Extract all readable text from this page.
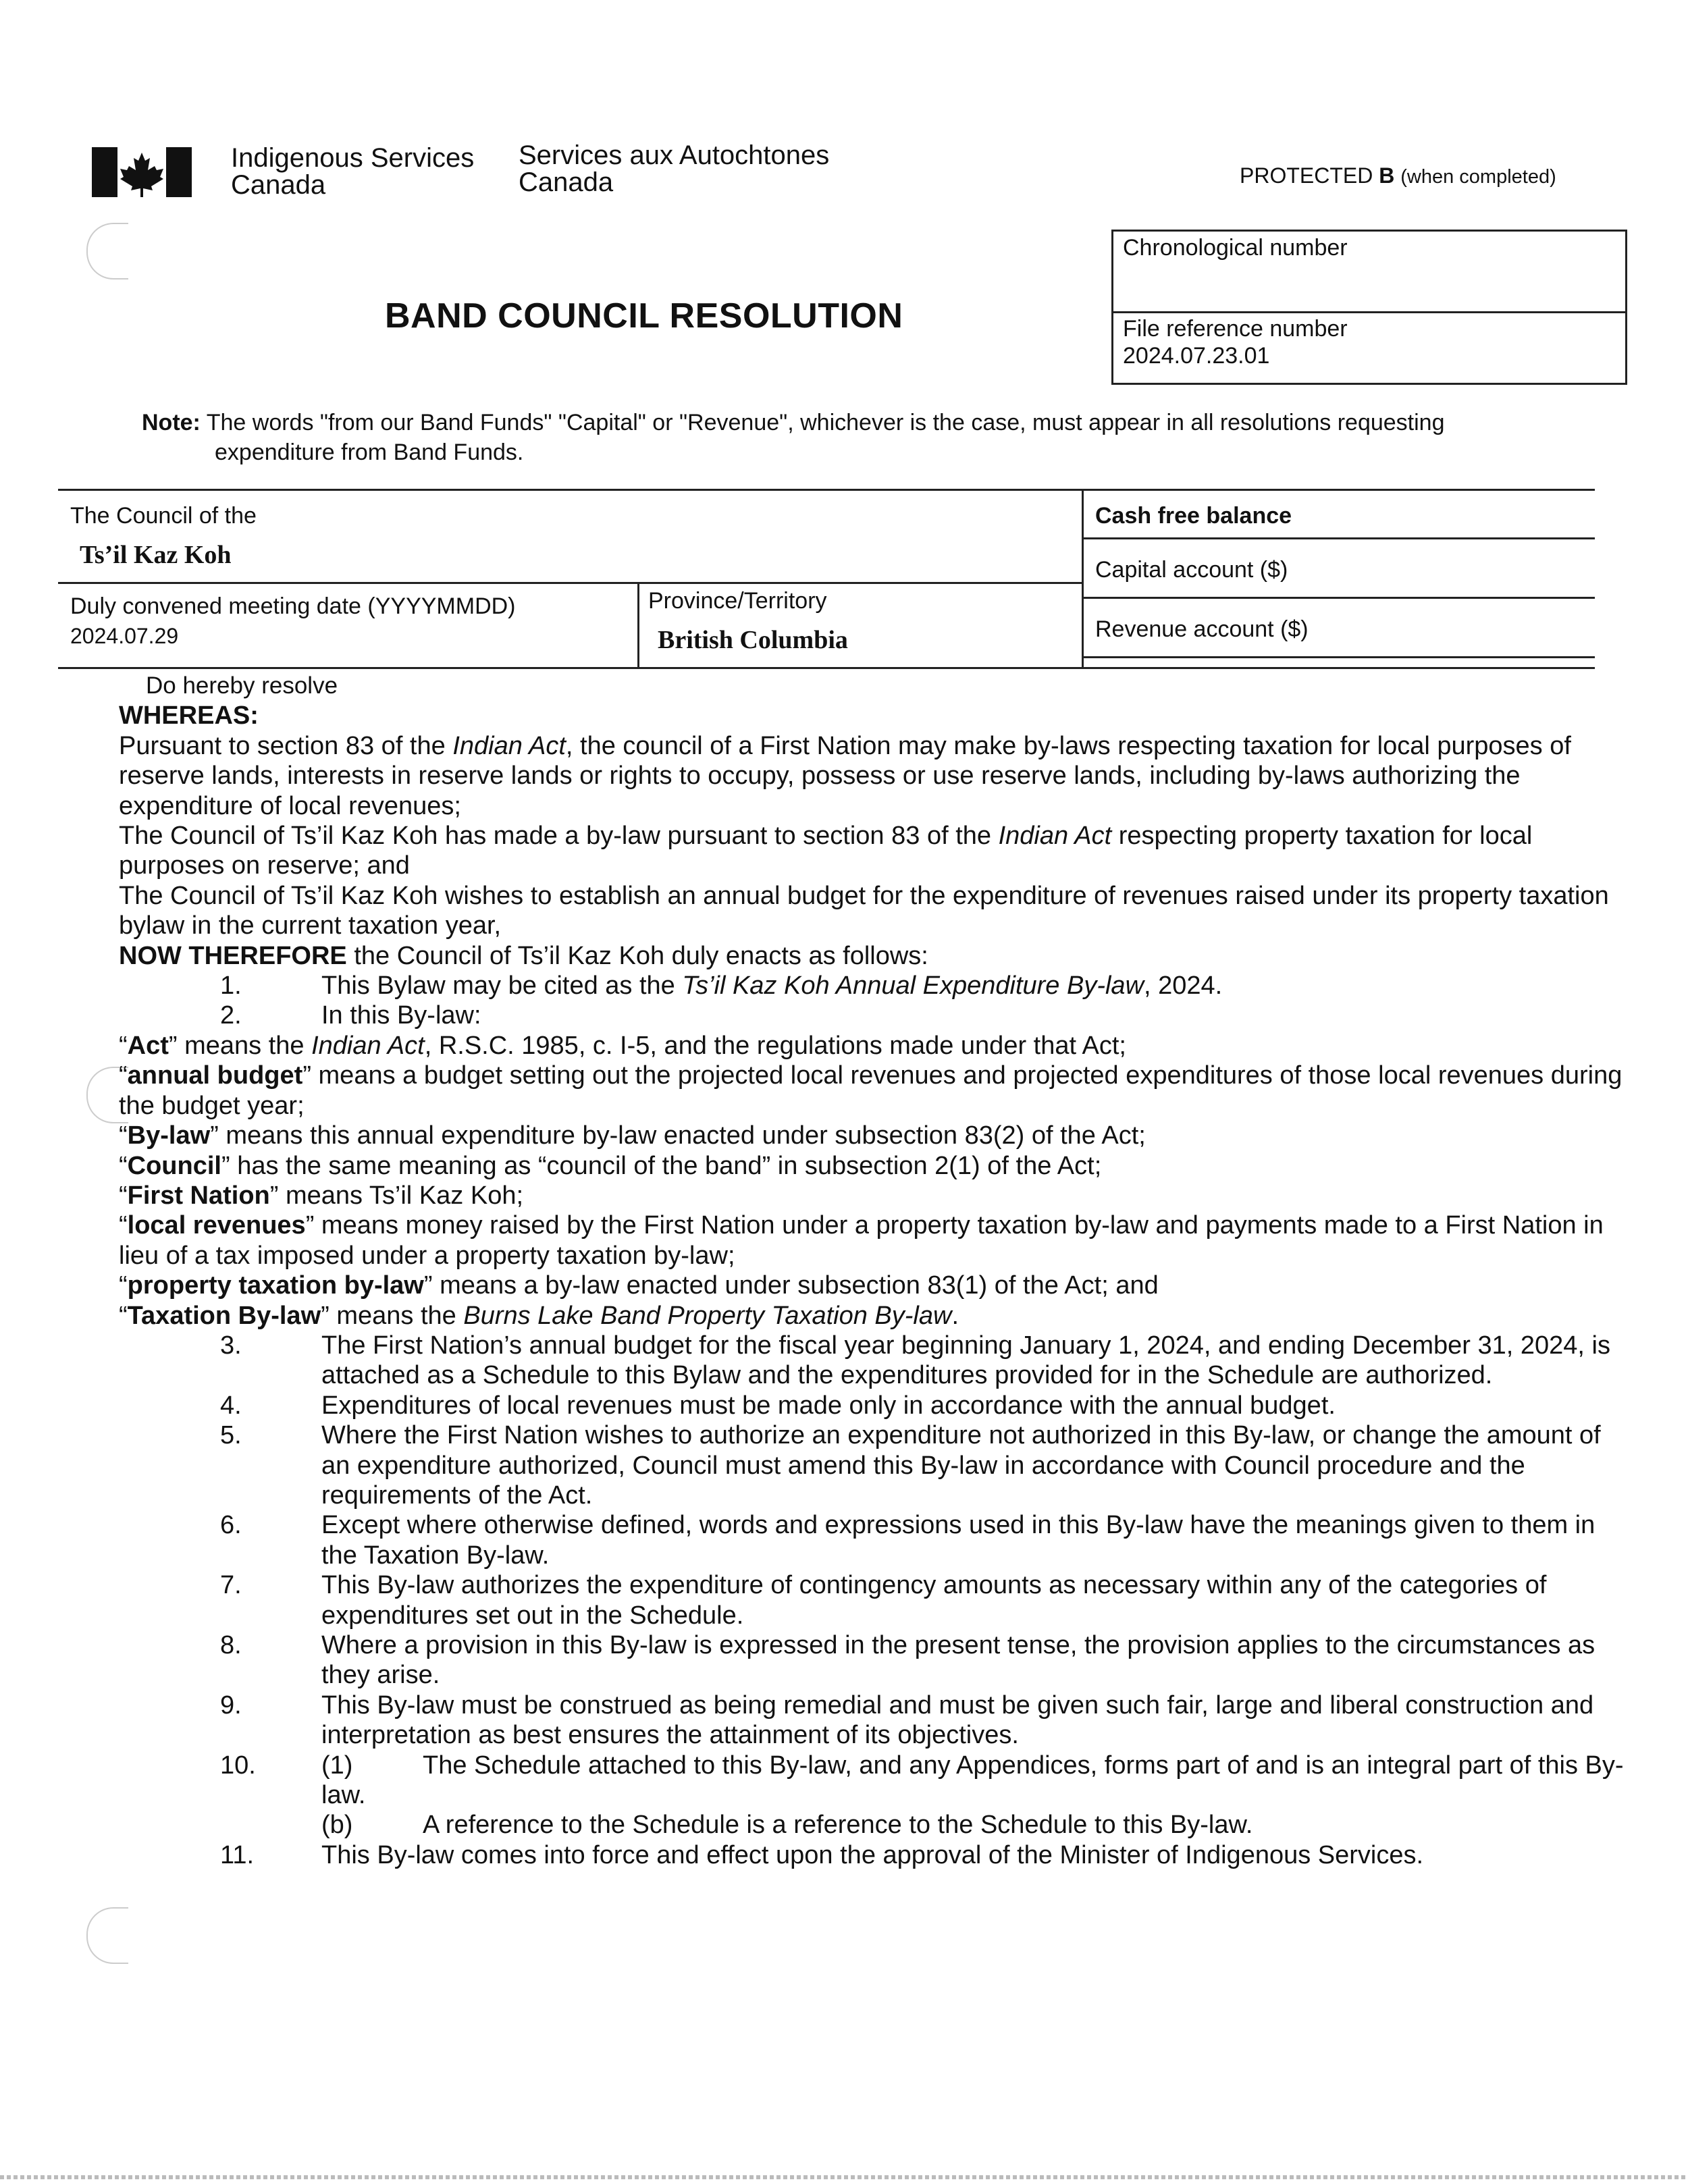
Indigenous Services
Canada
Services aux Autochtones
Canada	PROTECTED B (when completed)
BAND COUNCIL RESOLUTION
Chronological number
File reference number
2024.07.23.01
Note: The words "from our Band Funds" "Capital" or "Revenue", whichever is the case, must appear in all resolutions requesting
expenditure from Band Funds.
The Council of the
Ts’il Kaz Koh
Duly convened meeting date (YYYYMMDD)
2024.07.29
Province/Territory
British Columbia
Cash free balance
Capital account ($)
Revenue account ($)

Do hereby resolve

WHEREAS:

Pursuant to section 83 of the Indian Act, the council of a First Nation may make by-laws respecting taxation for local purposes of reserve lands, interests in reserve lands or rights to occupy, possess or use reserve lands, including by-laws authorizing the expenditure of local revenues;

The Council of Ts’il Kaz Koh has made a by-law pursuant to section 83 of the Indian Act respecting property taxation for local purposes on reserve; and

The Council of Ts’il Kaz Koh wishes to establish an annual budget for the expenditure of revenues raised under its property taxation bylaw in the current taxation year,

NOW THEREFORE the Council of Ts’il Kaz Koh duly enacts as follows:

1.	This Bylaw may be cited as the Ts’il Kaz Koh Annual Expenditure By-law, 2024.

2.	In this By-law:

“Act” means the Indian Act, R.S.C. 1985, c. I-5, and the regulations made under that Act;

“annual budget” means a budget setting out the projected local revenues and projected expenditures of those local revenues during the budget year;

“By-law” means this annual expenditure by-law enacted under subsection 83(2) of the Act;

“Council” has the same meaning as “council of the band” in subsection 2(1) of the Act;

“First Nation” means Ts’il Kaz Koh;

“local revenues” means money raised by the First Nation under a property taxation by-law and payments made to a First Nation in lieu of a tax imposed under a property taxation by-law;

“property taxation by-law” means a by-law enacted under subsection 83(1) of the Act; and

“Taxation By-law” means the Burns Lake Band Property Taxation By-law.

3.	The First Nation’s annual budget for the fiscal year beginning January 1, 2024, and ending December 31, 2024, is attached as a Schedule to this Bylaw and the expenditures provided for in the Schedule are authorized.

4.	Expenditures of local revenues must be made only in accordance with the annual budget.

5.	Where the First Nation wishes to authorize an expenditure not authorized in this By-law, or change the amount of an expenditure authorized, Council must amend this By-law in accordance with Council procedure and the requirements of the Act.

6.	Except where otherwise defined, words and expressions used in this By-law have the meanings given to them in the Taxation By-law.

7.	This By-law authorizes the expenditure of contingency amounts as necessary within any of the categories of expenditures set out in the Schedule.

8.	Where a provision in this By-law is expressed in the present tense, the provision applies to the circumstances as they arise.

9.	This By-law must be construed as being remedial and must be given such fair, large and liberal construction and interpretation as best ensures the attainment of its objectives.

10.	(1)	The Schedule attached to this By-law, and any Appendices, forms part of and is an integral part of this By-law.

(b)	A reference to the Schedule is a reference to the Schedule to this By-law.

11.	This By-law comes into force and effect upon the approval of the Minister of Indigenous Services.
